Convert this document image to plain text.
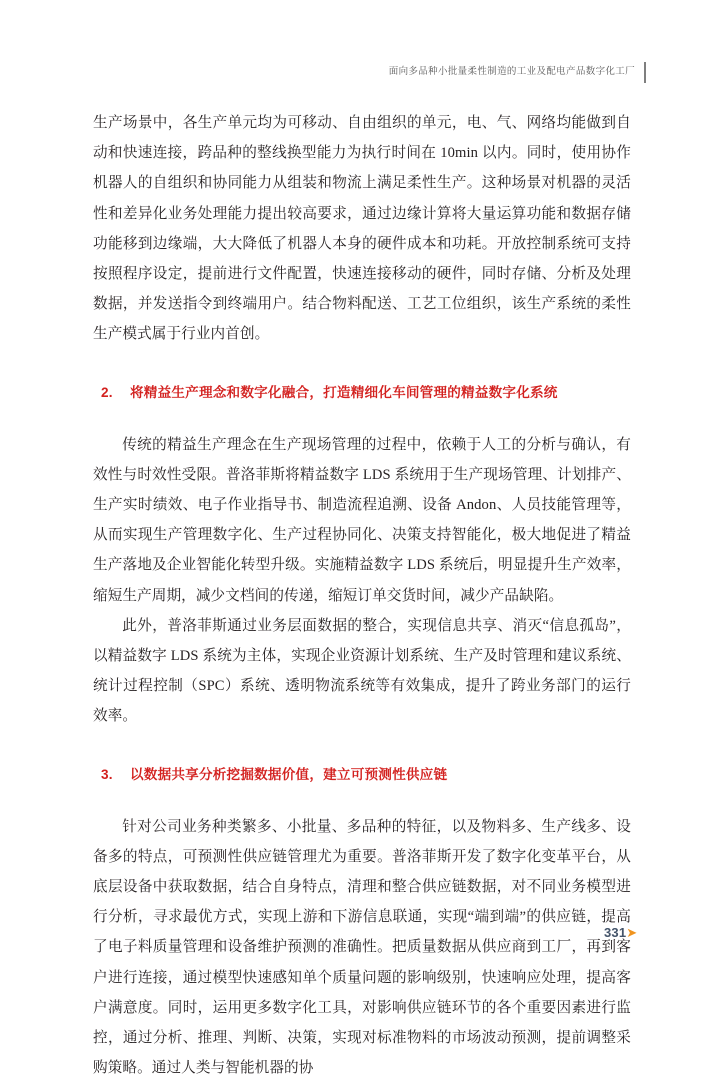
面向多品种小批量柔性制造的工业及配电产品数字化工厂

生产场景中，各生产单元均为可移动、自由组织的单元，电、气、网络均能做到自动和快速连接，跨品种的整线换型能力为执行时间在 10min 以内。同时，使用协作机器人的自组织和协同能力从组装和物流上满足柔性生产。这种场景对机器的灵活性和差异化业务处理能力提出较高要求，通过边缘计算将大量运算功能和数据存储功能移到边缘端，大大降低了机器人本身的硬件成本和功耗。开放控制系统可支持按照程序设定，提前进行文件配置，快速连接移动的硬件，同时存储、分析及处理数据，并发送指令到终端用户。结合物料配送、工艺工位组织，该生产系统的柔性生产模式属于行业内首创。

2.	将精益生产理念和数字化融合，打造精细化车间管理的精益数字化系统

传统的精益生产理念在生产现场管理的过程中，依赖于人工的分析与确认，有效性与时效性受限。普洛菲斯将精益数字 LDS 系统用于生产现场管理、计划排产、生产实时绩效、电子作业指导书、制造流程追溯、设备 Andon、人员技能管理等，从而实现生产管理数字化、生产过程协同化、决策支持智能化，极大地促进了精益生产落地及企业智能化转型升级。实施精益数字 LDS 系统后，明显提升生产效率，缩短生产周期，减少文档间的传递，缩短订单交货时间，减少产品缺陷。

此外，普洛菲斯通过业务层面数据的整合，实现信息共享、消灭“信息孤岛”，以精益数字 LDS 系统为主体，实现企业资源计划系统、生产及时管理和建议系统、统计过程控制（SPC）系统、透明物流系统等有效集成，提升了跨业务部门的运行效率。

3.	以数据共享分析挖掘数据价值，建立可预测性供应链

针对公司业务种类繁多、小批量、多品种的特征，以及物料多、生产线多、设备多的特点，可预测性供应链管理尤为重要。普洛菲斯开发了数字化变革平台，从底层设备中获取数据，结合自身特点，清理和整合供应链数据，对不同业务模型进行分析，寻求最优方式，实现上游和下游信息联通，实现“端到端”的供应链，提高了电子料质量管理和设备维护预测的准确性。把质量数据从供应商到工厂，再到客户进行连接，通过模型快速感知单个质量问题的影响级别，快速响应处理，提高客户满意度。同时，运用更多数字化工具，对影响供应链环节的各个重要因素进行监控，通过分析、推理、判断、决策，实现对标准物料的市场波动预测，提前调整采购策略。通过人类与智能机器的协

331 ➤
